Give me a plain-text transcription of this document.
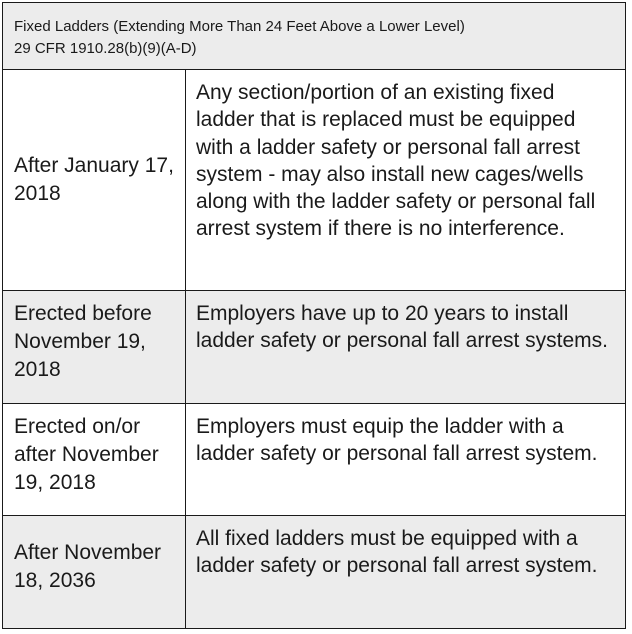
Fixed Ladders (Extending More Than 24 Feet Above a Lower Level)
29 CFR 1910.28(b)(9)(A-D)
After January 17, 2018
Any section/portion of an existing fixed ladder that is replaced must be equipped with a ladder safety or personal fall arrest system - may also install new cages/wells along with the ladder safety or personal fall arrest system if there is no interference.
Erected before November 19, 2018
Employers have up to 20 years to install ladder safety or personal fall arrest systems.
Erected on/or after November 19, 2018
Employers must equip the ladder with a ladder safety or personal fall arrest system.
After November 18, 2036
All fixed ladders must be equipped with a ladder safety or personal fall arrest system.
